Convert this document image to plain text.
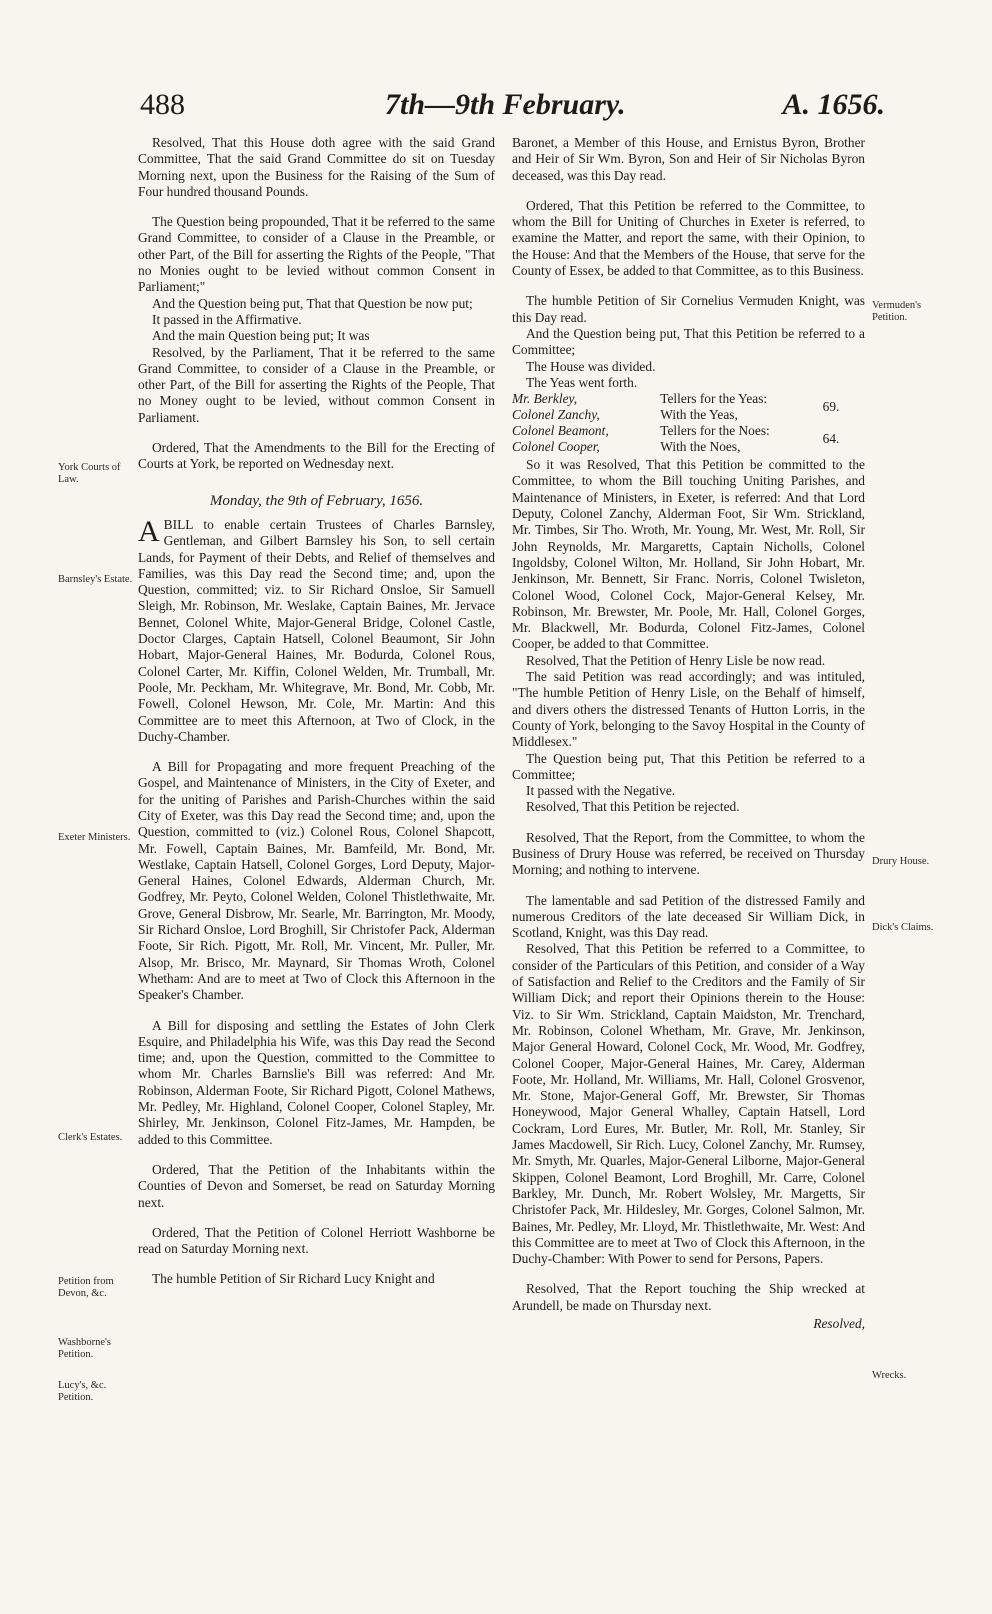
488	7th—9th February.	A. 1656.
York Courts of Law.
Barnsley's Estate.
Exeter Ministers.
Clerk's Estates.
Petition from Devon, &c.
Washborne's Petition.
Lucy's, &c. Petition.
Vermuden's Petition.
Drury House.
Dick's Claims.
Wrecks.

Resolved, That this House doth agree with the said Grand Committee, That the said Grand Committee do sit on Tuesday Morning next, upon the Business for the Raising of the Sum of Four hundred thousand Pounds.

The Question being propounded, That it be referred to the same Grand Committee, to consider of a Clause in the Preamble, or other Part, of the Bill for asserting the Rights of the People, "That no Monies ought to be levied without common Consent in Parliament;"

And the Question being put, That that Question be now put;

It passed in the Affirmative.

And the main Question being put; It was

Resolved, by the Parliament, That it be referred to the same Grand Committee, to consider of a Clause in the Preamble, or other Part, of the Bill for asserting the Rights of the People, That no Money ought to be levied, without common Consent in Parliament.

Ordered, That the Amendments to the Bill for the Erecting of Courts at York, be reported on Wednesday next.

Monday, the 9th of February, 1656.

ABILL to enable certain Trustees of Charles Barnsley, Gentleman, and Gilbert Barnsley his Son, to sell certain Lands, for Payment of their Debts, and Relief of themselves and Families, was this Day read the Second time; and, upon the Question, committed; viz. to Sir Richard Onsloe, Sir Samuell Sleigh, Mr. Robinson, Mr. Weslake, Captain Baines, Mr. Jervace Bennet, Colonel White, Major-General Bridge, Colonel Castle, Doctor Clarges, Captain Hatsell, Colonel Beaumont, Sir John Hobart, Major-General Haines, Mr. Bodurda, Colonel Rous, Colonel Carter, Mr. Kiffin, Colonel Welden, Mr. Trumball, Mr. Poole, Mr. Peckham, Mr. Whitegrave, Mr. Bond, Mr. Cobb, Mr. Fowell, Colonel Hewson, Mr. Cole, Mr. Martin: And this Committee are to meet this Afternoon, at Two of Clock, in the Duchy-Chamber.

A Bill for Propagating and more frequent Preaching of the Gospel, and Maintenance of Ministers, in the City of Exeter, and for the uniting of Parishes and Parish-Churches within the said City of Exeter, was this Day read the Second time; and, upon the Question, committed to (viz.) Colonel Rous, Colonel Shapcott, Mr. Fowell, Captain Baines, Mr. Bamfeild, Mr. Bond, Mr. Westlake, Captain Hatsell, Colonel Gorges, Lord Deputy, Major-General Haines, Colonel Edwards, Alderman Church, Mr. Godfrey, Mr. Peyto, Colonel Welden, Colonel Thistlethwaite, Mr. Grove, General Disbrow, Mr. Searle, Mr. Barrington, Mr. Moody, Sir Richard Onsloe, Lord Broghill, Sir Christofer Pack, Alderman Foote, Sir Rich. Pigott, Mr. Roll, Mr. Vincent, Mr. Puller, Mr. Alsop, Mr. Brisco, Mr. Maynard, Sir Thomas Wroth, Colonel Whetham: And are to meet at Two of Clock this Afternoon in the Speaker's Chamber.

A Bill for disposing and settling the Estates of John Clerk Esquire, and Philadelphia his Wife, was this Day read the Second time; and, upon the Question, committed to the Committee to whom Mr. Charles Barnslie's Bill was referred: And Mr. Robinson, Alderman Foote, Sir Richard Pigott, Colonel Mathews, Mr. Pedley, Mr. Highland, Colonel Cooper, Colonel Stapley, Mr. Shirley, Mr. Jenkinson, Colonel Fitz-James, Mr. Hampden, be added to this Committee.

Ordered, That the Petition of the Inhabitants within the Counties of Devon and Somerset, be read on Saturday Morning next.

Ordered, That the Petition of Colonel Herriott Washborne be read on Saturday Morning next.

The humble Petition of Sir Richard Lucy Knight and

Baronet, a Member of this House, and Ernistus Byron, Brother and Heir of Sir Wm. Byron, Son and Heir of Sir Nicholas Byron deceased, was this Day read.

Ordered, That this Petition be referred to the Committee, to whom the Bill for Uniting of Churches in Exeter is referred, to examine the Matter, and report the same, with their Opinion, to the House: And that the Members of the House, that serve for the County of Essex, be added to that Committee, as to this Business.

The humble Petition of Sir Cornelius Vermuden Knight, was this Day read.

And the Question being put, That this Petition be referred to a Committee;

The House was divided.

The Yeas went forth.

Mr. Berkley,	Tellers for the Yeas:	69.
Colonel Zanchy,	With the Yeas,	
Colonel Beamont,	Tellers for the Noes:	64.
Colonel Cooper,	With the Noes,	

So it was Resolved, That this Petition be committed to the Committee, to whom the Bill touching Uniting Parishes, and Maintenance of Ministers, in Exeter, is referred: And that Lord Deputy, Colonel Zanchy, Alderman Foot, Sir Wm. Strickland, Mr. Timbes, Sir Tho. Wroth, Mr. Young, Mr. West, Mr. Roll, Sir John Reynolds, Mr. Margaretts, Captain Nicholls, Colonel Ingoldsby, Colonel Wilton, Mr. Holland, Sir John Hobart, Mr. Jenkinson, Mr. Bennett, Sir Franc. Norris, Colonel Twisleton, Colonel Wood, Colonel Cock, Major-General Kelsey, Mr. Robinson, Mr. Brewster, Mr. Poole, Mr. Hall, Colonel Gorges, Mr. Blackwell, Mr. Bodurda, Colonel Fitz-James, Colonel Cooper, be added to that Committee.

Resolved, That the Petition of Henry Lisle be now read.

The said Petition was read accordingly; and was intituled, "The humble Petition of Henry Lisle, on the Behalf of himself, and divers others the distressed Tenants of Hutton Lorris, in the County of York, belonging to the Savoy Hospital in the County of Middlesex."

The Question being put, That this Petition be referred to a Committee;

It passed with the Negative.

Resolved, That this Petition be rejected.

Resolved, That the Report, from the Committee, to whom the Business of Drury House was referred, be received on Thursday Morning; and nothing to intervene.

The lamentable and sad Petition of the distressed Family and numerous Creditors of the late deceased Sir William Dick, in Scotland, Knight, was this Day read.

Resolved, That this Petition be referred to a Committee, to consider of the Particulars of this Petition, and consider of a Way of Satisfaction and Relief to the Creditors and the Family of Sir William Dick; and report their Opinions therein to the House: Viz. to Sir Wm. Strickland, Captain Maidston, Mr. Trenchard, Mr. Robinson, Colonel Whetham, Mr. Grave, Mr. Jenkinson, Major General Howard, Colonel Cock, Mr. Wood, Mr. Godfrey, Colonel Cooper, Major-General Haines, Mr. Carey, Alderman Foote, Mr. Holland, Mr. Williams, Mr. Hall, Colonel Grosvenor, Mr. Stone, Major-General Goff, Mr. Brewster, Sir Thomas Honeywood, Major General Whalley, Captain Hatsell, Lord Cockram, Lord Eures, Mr. Butler, Mr. Roll, Mr. Stanley, Sir James Macdowell, Sir Rich. Lucy, Colonel Zanchy, Mr. Rumsey, Mr. Smyth, Mr. Quarles, Major-General Lilborne, Major-General Skippen, Colonel Beamont, Lord Broghill, Mr. Carre, Colonel Barkley, Mr. Dunch, Mr. Robert Wolsley, Mr. Margetts, Sir Christofer Pack, Mr. Hildesley, Mr. Gorges, Colonel Salmon, Mr. Baines, Mr. Pedley, Mr. Lloyd, Mr. Thistlethwaite, Mr. West: And this Committee are to meet at Two of Clock this Afternoon, in the Duchy-Chamber: With Power to send for Persons, Papers.

Resolved, That the Report touching the Ship wrecked at Arundell, be made on Thursday next.

Resolved,
